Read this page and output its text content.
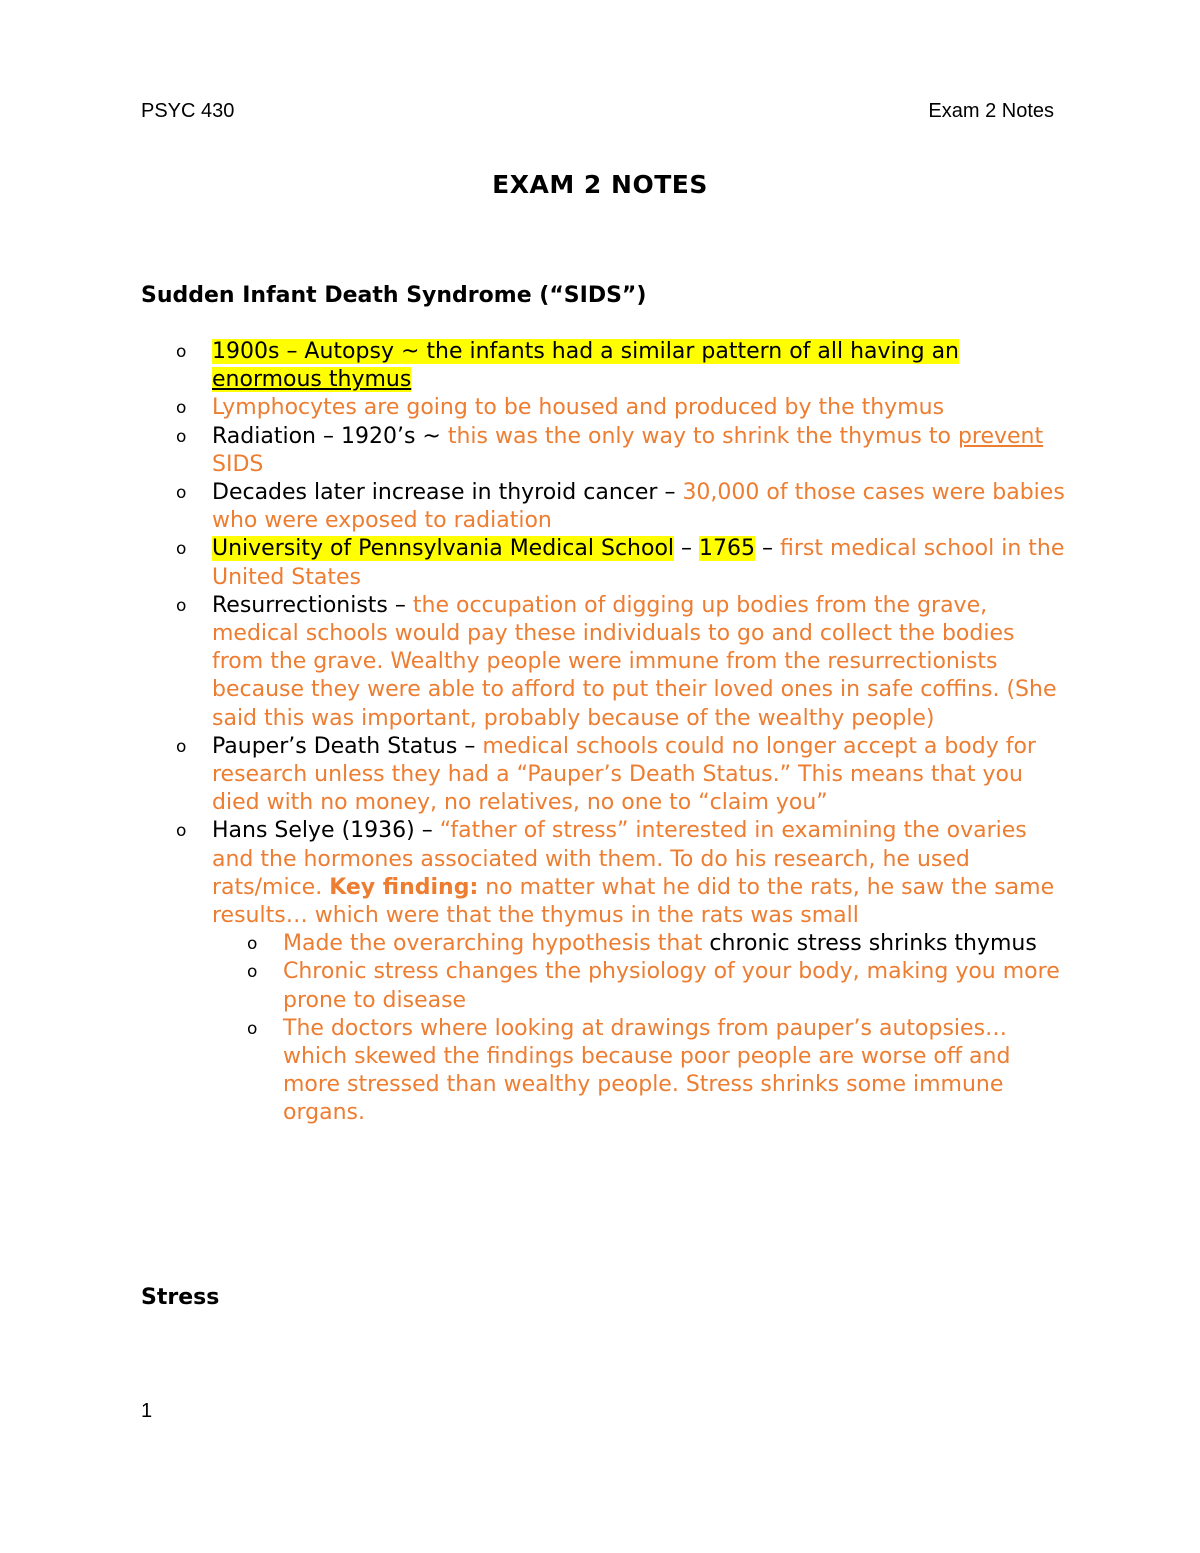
PSYC 430	Exam 2 Notes
EXAM 2 NOTES
Sudden Infant Death Syndrome (“SIDS”)
o 1900s – Autopsy ~ the infants had a similar pattern of all having an enormous thymus
o Lymphocytes are going to be housed and produced by the thymus
o Radiation – 1920’s ~ this was the only way to shrink the thymus to prevent SIDS
o Decades later increase in thyroid cancer – 30,000 of those cases were babies who were exposed to radiation
o University of Pennsylvania Medical School – 1765 – first medical school in the United States
o Resurrectionists – the occupation of digging up bodies from the grave, medical schools would pay these individuals to go and collect the bodies from the grave. Wealthy people were immune from the resurrectionists because they were able to afford to put their loved ones in safe coffins. (She said this was important, probably because of the wealthy people)
o Pauper’s Death Status – medical schools could no longer accept a body for research unless they had a “Pauper’s Death Status.” This means that you died with no money, no relatives, no one to “claim you”
o Hans Selye (1936) – “father of stress” interested in examining the ovaries and the hormones associated with them. To do his research, he used rats/mice. Key finding: no matter what he did to the rats, he saw the same results… which were that the thymus in the rats was small
o Made the overarching hypothesis that chronic stress shrinks thymus
o Chronic stress changes the physiology of your body, making you more prone to disease
o The doctors where looking at drawings from pauper’s autopsies… which skewed the findings because poor people are worse off and more stressed than wealthy people. Stress shrinks some immune organs.
Stress
1
